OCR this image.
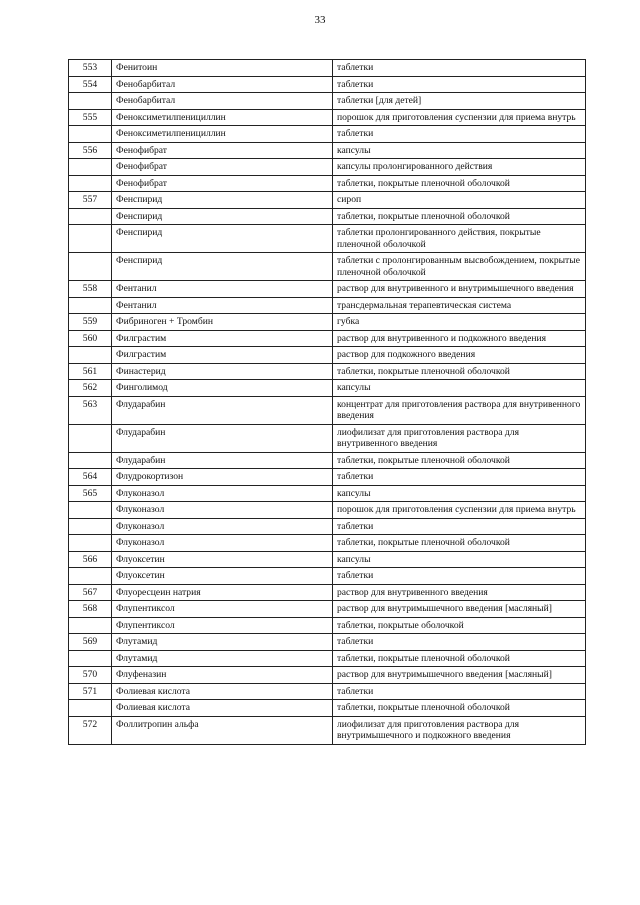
33
553	Фенитоин	таблетки
554	Фенобарбитал	таблетки
	Фенобарбитал	таблетки [для детей]
555	Феноксиметилпенициллин	порошок для приготовления суспензии для приема внутрь
	Феноксиметилпенициллин	таблетки
556	Фенофибрат	капсулы
	Фенофибрат	капсулы пролонгированного действия
	Фенофибрат	таблетки, покрытые пленочной оболочкой
557	Фенспирид	сироп
	Фенспирид	таблетки, покрытые пленочной оболочкой
	Фенспирид	таблетки пролонгированного действия, покрытые пленочной оболочкой
	Фенспирид	таблетки с пролонгированным высвобождением, покрытые пленочной оболочкой
558	Фентанил	раствор для внутривенного и внутримышечного введения
	Фентанил	трансдермальная терапевтическая система
559	Фибриноген + Тромбин	губка
560	Филграстим	раствор для внутривенного и подкожного введения
	Филграстим	раствор для подкожного введения
561	Финастерид	таблетки, покрытые пленочной оболочкой
562	Финголимод	капсулы
563	Флударабин	концентрат для приготовления раствора для внутривенного введения
	Флударабин	лиофилизат для приготовления раствора для внутривенного введения
	Флударабин	таблетки, покрытые пленочной оболочкой
564	Флудрокортизон	таблетки
565	Флуконазол	капсулы
	Флуконазол	порошок для приготовления суспензии для приема внутрь
	Флуконазол	таблетки
	Флуконазол	таблетки, покрытые пленочной оболочкой
566	Флуоксетин	капсулы
	Флуоксетин	таблетки
567	Флуоресцеин натрия	раствор для внутривенного введения
568	Флупентиксол	раствор для внутримышечного введения [масляный]
	Флупентиксол	таблетки, покрытые оболочкой
569	Флутамид	таблетки
	Флутамид	таблетки, покрытые пленочной оболочкой
570	Флуфеназин	раствор для внутримышечного введения [масляный]
571	Фолиевая кислота	таблетки
	Фолиевая кислота	таблетки, покрытые пленочной оболочкой
572	Фоллитропин альфа	лиофилизат для приготовления раствора для внутримышечного и подкожного введения
